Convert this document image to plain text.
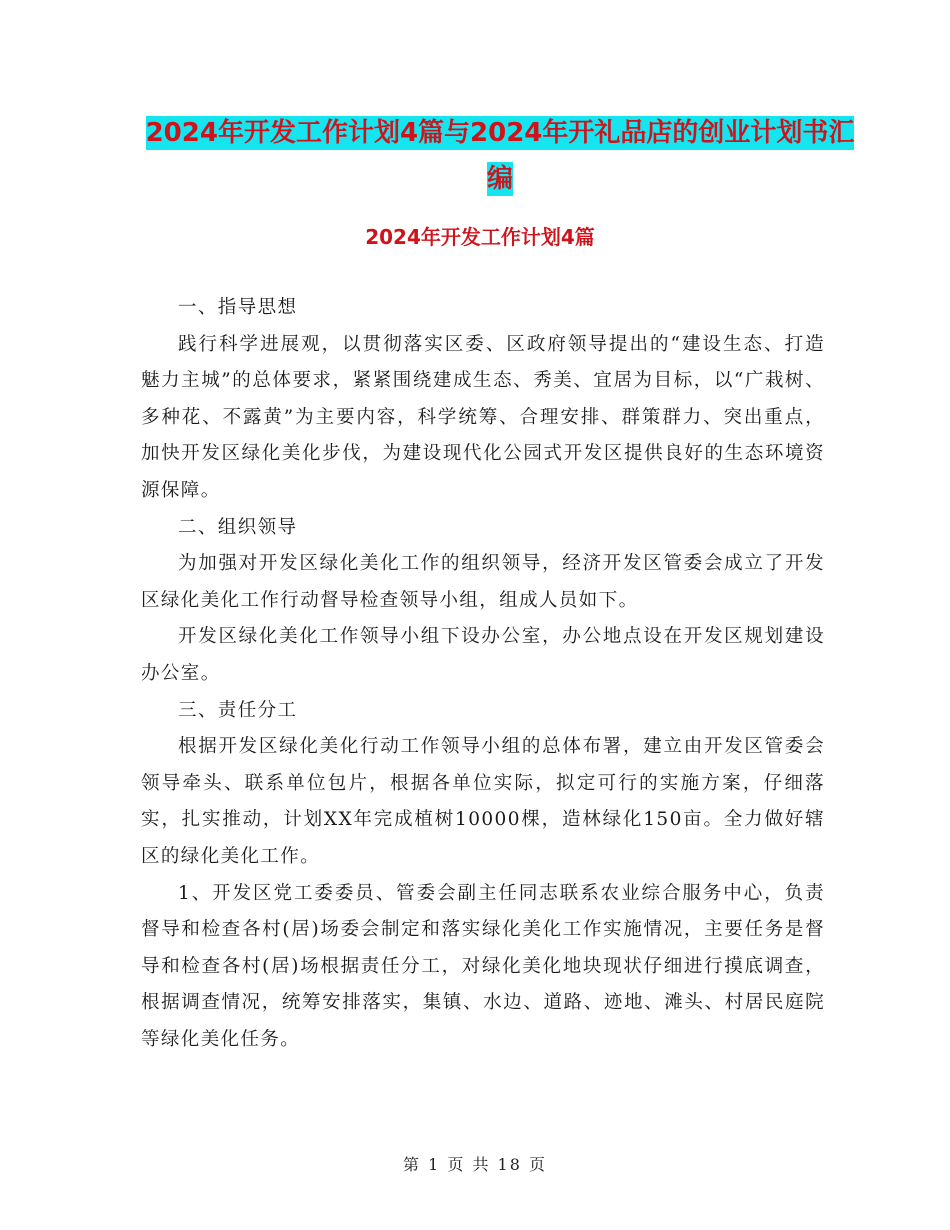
2024年开发工作计划4篇与2024年开礼品店的创业计划书汇编
2024年开发工作计划4篇

一、指导思想

践行科学进展观，以贯彻落实区委、区政府领导提出的“建设生态、打造魅力主城”的总体要求，紧紧围绕建成生态、秀美、宜居为目标，以“广栽树、多种花、不露黄”为主要内容，科学统筹、合理安排、群策群力、突出重点，加快开发区绿化美化步伐，为建设现代化公园式开发区提供良好的生态环境资源保障。

二、组织领导

为加强对开发区绿化美化工作的组织领导，经济开发区管委会成立了开发区绿化美化工作行动督导检查领导小组，组成人员如下。

开发区绿化美化工作领导小组下设办公室，办公地点设在开发区规划建设办公室。

三、责任分工

根据开发区绿化美化行动工作领导小组的总体布署，建立由开发区管委会领导牵头、联系单位包片，根据各单位实际，拟定可行的实施方案，仔细落实，扎实推动，计划XX年完成植树10000棵，造林绿化150亩。全力做好辖区的绿化美化工作。

1、开发区党工委委员、管委会副主任同志联系农业综合服务中心，负责督导和检查各村(居)场委会制定和落实绿化美化工作实施情况，主要任务是督导和检查各村(居)场根据责任分工，对绿化美化地块现状仔细进行摸底调查，根据调查情况，统筹安排落实，集镇、水边、道路、迹地、滩头、村居民庭院等绿化美化任务。

第 1 页 共 18 页
